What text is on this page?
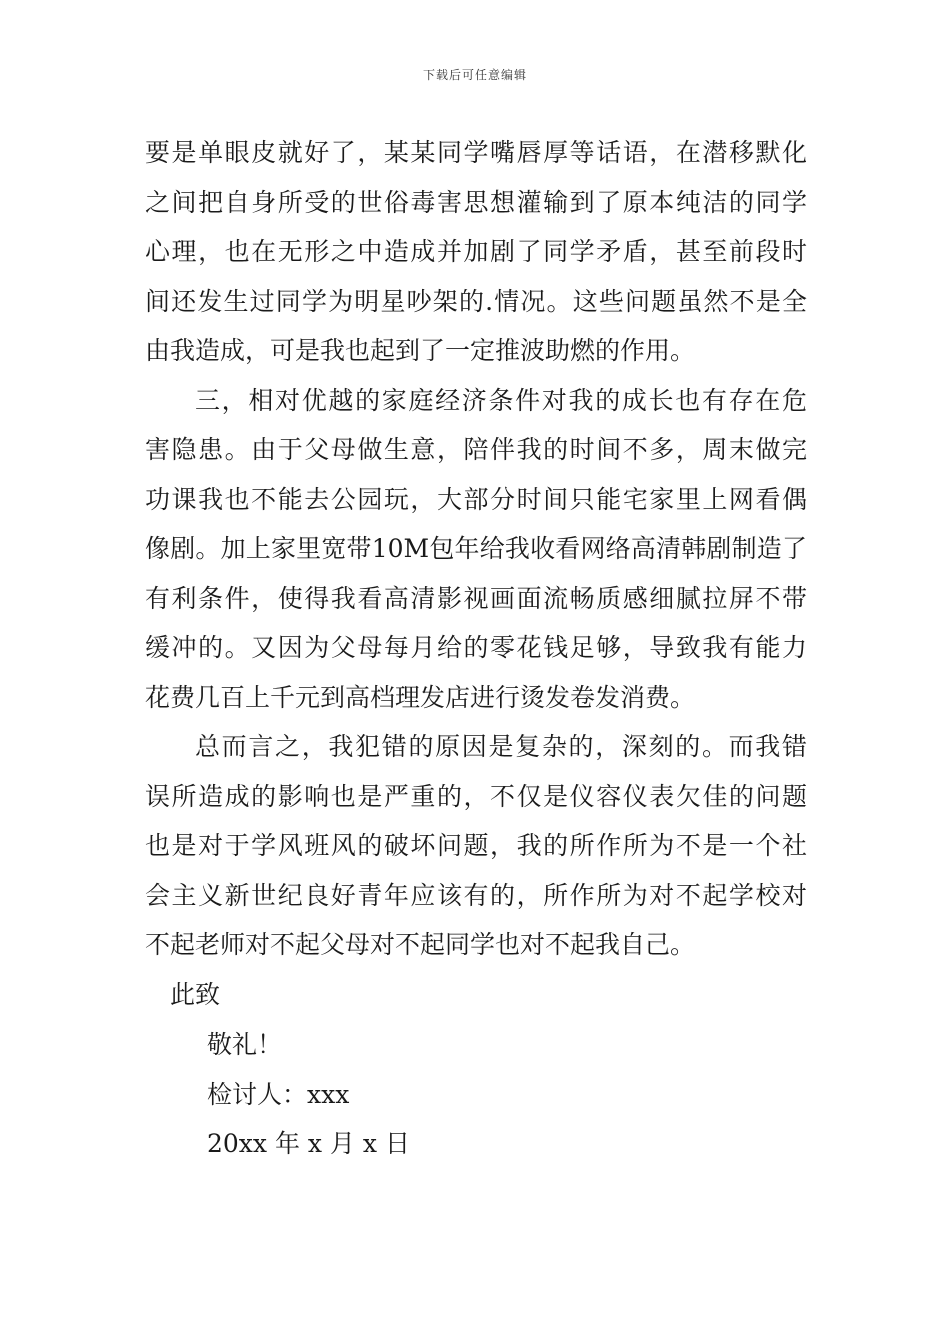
下载后可任意编辑
要是单眼皮就好了，某某同学嘴唇厚等话语，在潜移默化
之间把自身所受的世俗毒害思想灌输到了原本纯洁的同学
心理，也在无形之中造成并加剧了同学矛盾，甚至前段时
间还发生过同学为明星吵架的.情况。这些问题虽然不是全
由我造成，可是我也起到了一定推波助燃的作用。
三，相对优越的家庭经济条件对我的成长也有存在危
害隐患。由于父母做生意，陪伴我的时间不多，周末做完
功课我也不能去公园玩，大部分时间只能宅家里上网看偶
像剧。加上家里宽带10M包年给我收看网络高清韩剧制造了
有利条件，使得我看高清影视画面流畅质感细腻拉屏不带
缓冲的。又因为父母每月给的零花钱足够，导致我有能力
花费几百上千元到高档理发店进行烫发卷发消费。
总而言之，我犯错的原因是复杂的，深刻的。而我错
误所造成的影响也是严重的，不仅是仪容仪表欠佳的问题
也是对于学风班风的破坏问题，我的所作所为不是一个社
会主义新世纪良好青年应该有的，所作所为对不起学校对
不起老师对不起父母对不起同学也对不起我自己。
此致
敬礼！
检讨人：xxx
20xx 年 x 月 x 日
